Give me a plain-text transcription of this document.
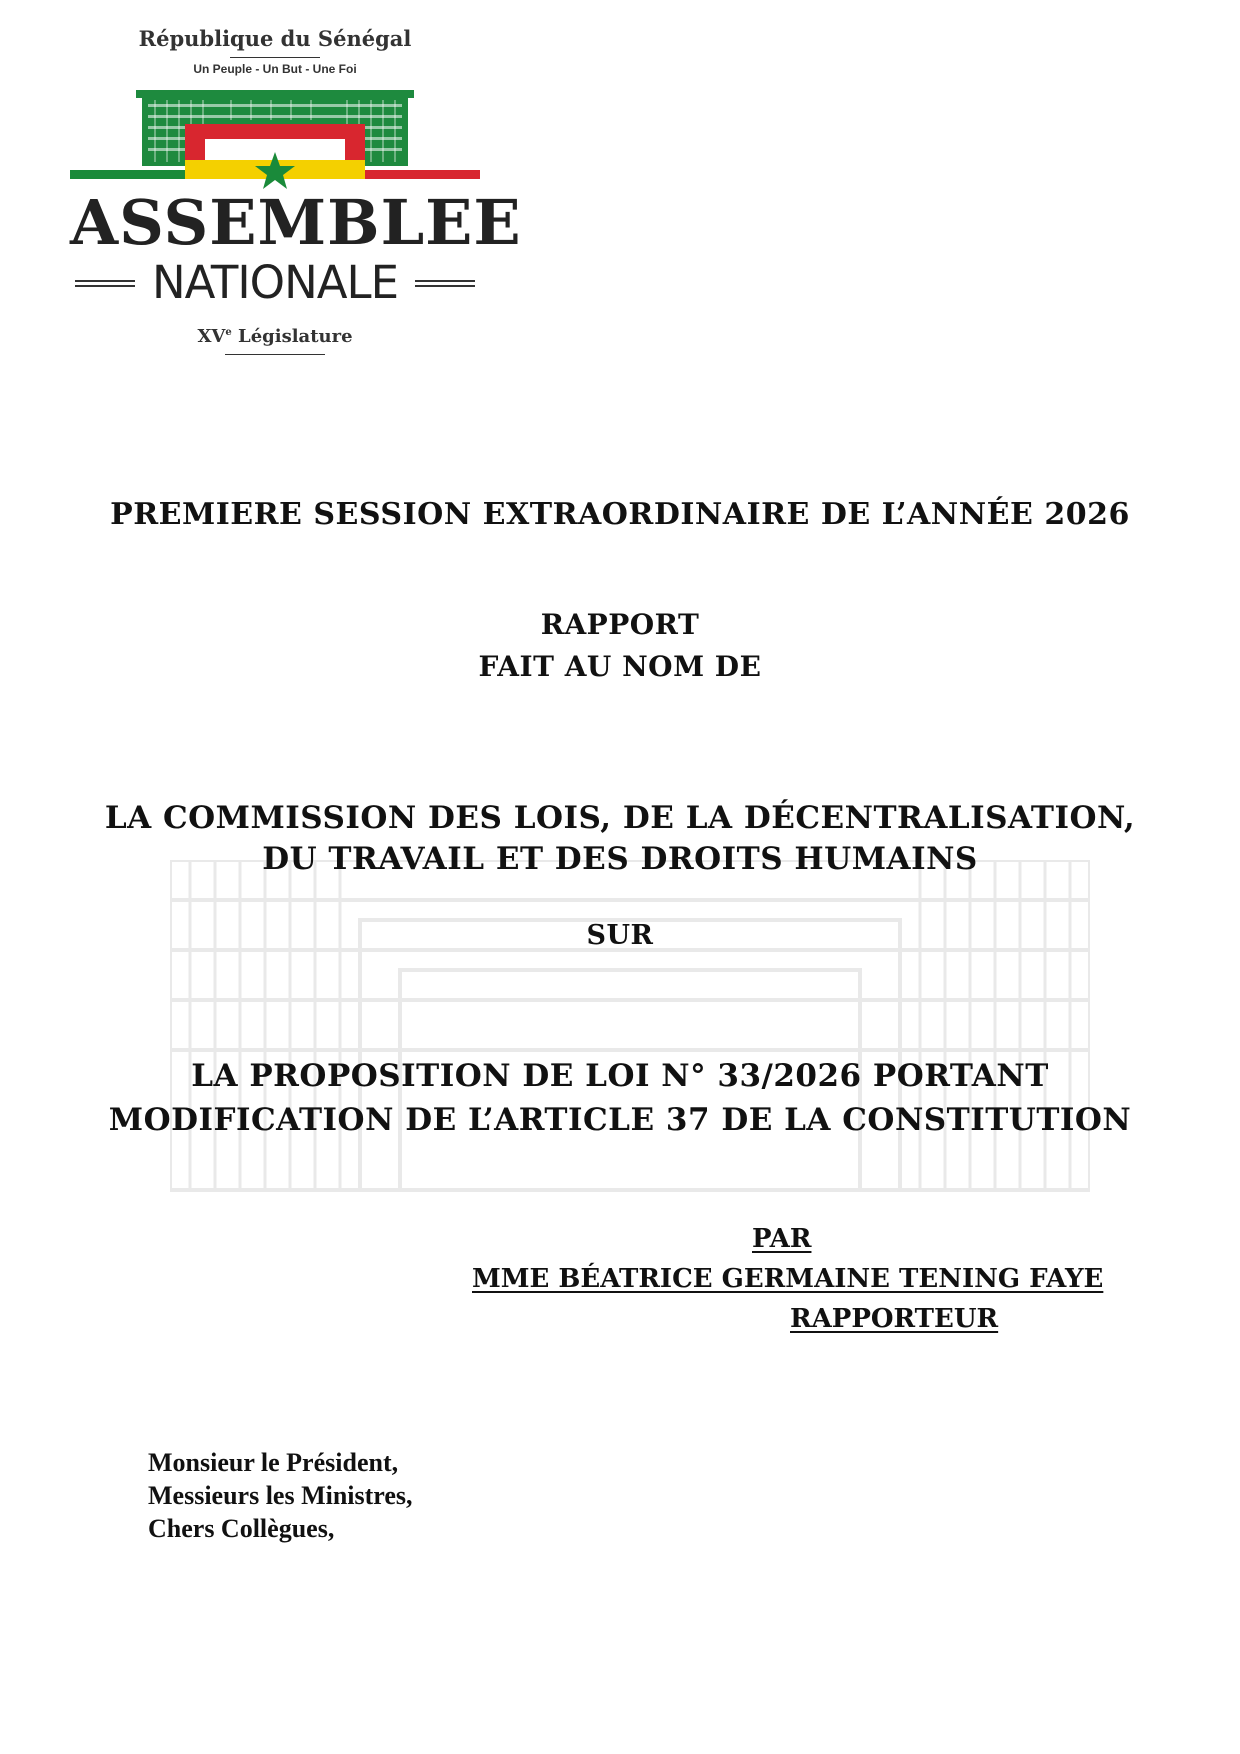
République du Sénégal
Un Peuple - Un But - Une Foi
ASSEMBLEE
NATIONALE
XVe Législature
PREMIERE SESSION EXTRAORDINAIRE DE L’ANNÉE 2026
RAPPORT
FAIT AU NOM DE
LA COMMISSION DES LOIS, DE LA DÉCENTRALISATION,
DU TRAVAIL ET DES DROITS HUMAINS
SUR
LA PROPOSITION DE LOI N° 33/2026 PORTANT
MODIFICATION DE L’ARTICLE 37 DE LA CONSTITUTION
PAR
MME BÉATRICE GERMAINE TENING FAYE
RAPPORTEUR
Monsieur le Président,
Messieurs les Ministres,
Chers Collègues,
